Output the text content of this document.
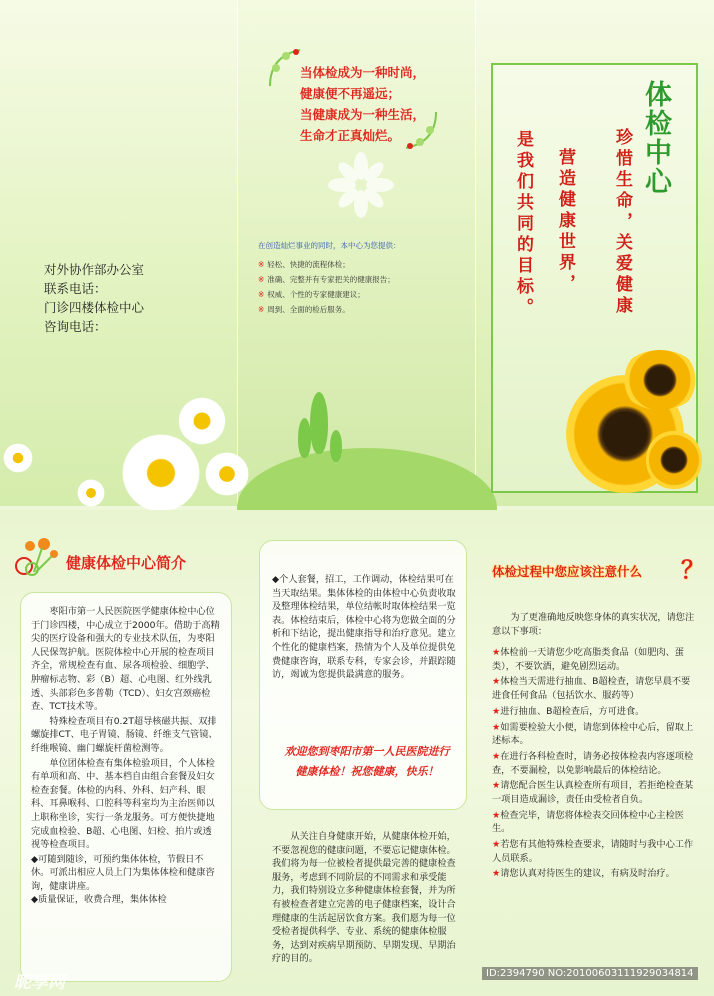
对外协作部办公室
联系电话：
门诊四楼体检中心
咨询电话：
当体检成为一种时尚，
健康便不再遥远；
当健康成为一种生活，
生命才正真灿烂。
在创造灿烂事业的同时，本中心为您提供：
※ 轻松、快捷的流程体检；
※ 准确、完整并有专家把关的健康报告；
※ 权威、个性的专家健康建议；
※ 周到、全面的检后服务。
体检中心
珍惜生命，关爱健康
营造健康世界，
是我们共同的目标。
健康体检中心简介

枣阳市第一人民医院医学健康体检中心位于门诊四楼，中心成立于2000年。借助于高精尖的医疗设备和强大的专业技术队伍，为枣阳人民保驾护航。医院体检中心开展的检查项目齐全，常规检查有血、尿各项检验、细胞学、肿瘤标志物、彩（B）超、心电图、红外线乳透、头部彩色多普勒（TCD）、妇女宫颈癌检查、TCT技术等。

特殊检查项目有0.2T超导核磁共振、双排螺旋排CT、电子胃镜、肠镜、纤维支气管镜、纤维喉镜、幽门螺旋杆菌检测等。

单位团体检查有集体检验项目，个人体检有单项和高、中、基本档自由组合套餐及妇女检查套餐。体检的内科、外科、妇产科、眼科、耳鼻喉科、口腔科等科室均为主治医师以上职称坐诊，实行一条龙服务。可方便快捷地完成血检验、B超、心电图、妇检、拍片或透视等检查项目。

◆可随到随诊，可预约集体体检，节假日不休。可派出相应人员上门为集体体检和健康咨询，健康讲座。
◆质量保证，收费合理，集体体检
◆个人套餐，招工，工作调动，体检结果可在当天取结果。集体体检的由体检中心负责收取及整理体检结果，单位结帐时取体检结果一览表。体检结束后，体检中心将为您做全面的分析和下结论，提出健康指导和治疗意见。建立个性化的健康档案，热情为个人及单位提供免费健康咨询，联系专科，专家会诊，并跟踪随访，竭诚为您提供最满意的服务。
欢迎您到枣阳市第一人民医院进行健康体检！祝您健康，快乐！

从关注自身健康开始，从健康体检开始，不要忽视您的健康问题，不要忘记健康体检。我们将为每一位被检者提供最完善的健康检查服务，考虑到不同阶层的不同需求和承受能力，我们特别设立多种健康体检套餐，并为所有被检查者建立完善的电子健康档案，设计合理健康的生活起居饮食方案。我们愿为每一位受检者提供科学、专业、系统的健康体检服务，达到对疾病早期预防、早期发现、早期治疗的目的。

体检过程中您应该注意什么 ？

为了更准确地反映您身体的真实状况，请您注意以下事项：

★体检前一天请您少吃高脂类食品（如肥肉、蛋类），不要饮酒，避免剧烈运动。
★体检当天需进行抽血、B超检查，请您早晨不要进食任何食品（包括饮水、服药等）
★进行抽血、B超检查后，方可进食。
★如需要检验大小便，请您到体检中心后，留取上述标本。
★在进行各科检查时，请务必按体检表内容逐项检查，不要漏检，以免影响最后的体检结论。
★请您配合医生认真检查所有项目，若拒绝检查某一项目造成漏诊，责任由受检者自负。
★检查完毕，请您将体检表交回体检中心主检医生。
★若您有其他特殊检查要求，请随时与我中心工作人员联系。
★请您认真对待医生的建议，有病及时治疗。
昵享网	ID:2394790 NO:20100603111929034814
